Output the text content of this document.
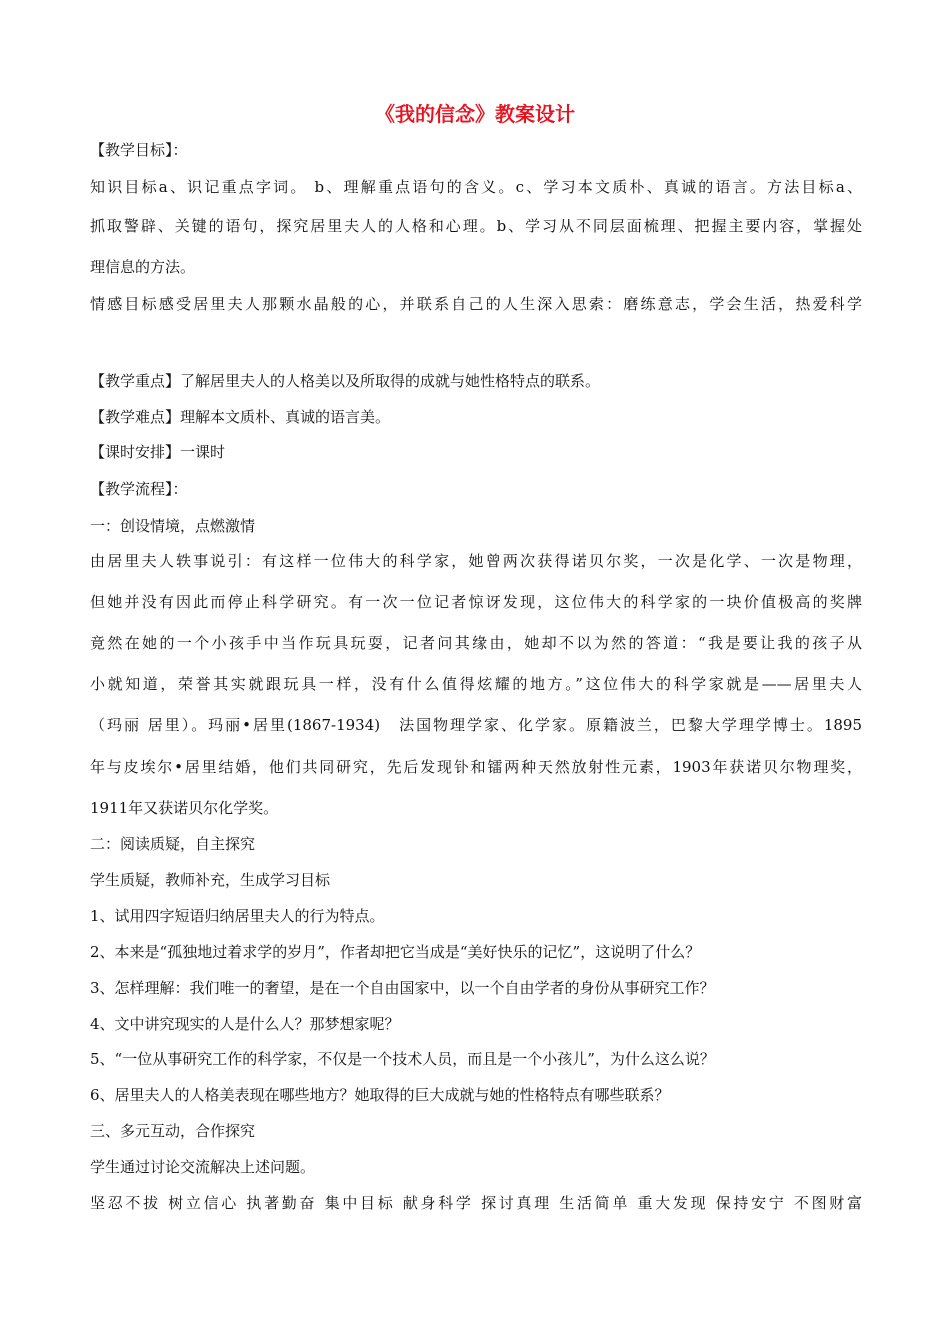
《我的信念》教案设计
【教学目标】：
知识目标a、识记重点字词。 b、理解重点语句的含义。c、学习本文质朴、真诚的语言。方法目标a、
抓取警辟、关键的语句，探究居里夫人的人格和心理。b、学习从不同层面梳理、把握主要内容，掌握处
理信息的方法。
情感目标感受居里夫人那颗水晶般的心，并联系自己的人生深入思索：磨练意志，学会生活，热爱科学
【教学重点】了解居里夫人的人格美以及所取得的成就与她性格特点的联系。
【教学难点】理解本文质朴、真诚的语言美。
【课时安排】一课时
【教学流程】：
一：创设情境，点燃激情
由居里夫人轶事说引：有这样一位伟大的科学家，她曾两次获得诺贝尔奖，一次是化学、一次是物理，
但她并没有因此而停止科学研究。有一次一位记者惊讶发现，这位伟大的科学家的一块价值极高的奖牌
竟然在她的一个小孩手中当作玩具玩耍，记者问其缘由，她却不以为然的答道：“我是要让我的孩子从
小就知道，荣誉其实就跟玩具一样，没有什么值得炫耀的地方。”这位伟大的科学家就是——居里夫人
（玛丽 居里）。玛丽•居里(1867-1934)　法国物理学家、化学家。原籍波兰，巴黎大学理学博士。1895
年与皮埃尔•居里结婚，他们共同研究，先后发现钋和镭两种天然放射性元素，1903年获诺贝尔物理奖，
1911年又获诺贝尔化学奖。
二：阅读质疑，自主探究
学生质疑，教师补充，生成学习目标
1、试用四字短语归纳居里夫人的行为特点。
2、本来是“孤独地过着求学的岁月”，作者却把它当成是“美好快乐的记忆”，这说明了什么？
3、怎样理解：我们唯一的奢望，是在一个自由国家中，以一个自由学者的身份从事研究工作？
4、文中讲究现实的人是什么人？那梦想家呢？
5、“一位从事研究工作的科学家，不仅是一个技术人员，而且是一个小孩儿”，为什么这么说？
6、居里夫人的人格美表现在哪些地方？她取得的巨大成就与她的性格特点有哪些联系？
三、多元互动，合作探究
学生通过讨论交流解决上述问题。
坚忍不拔 树立信心 执著勤奋 集中目标 献身科学 探讨真理 生活简单 重大发现 保持安宁 不图财富
